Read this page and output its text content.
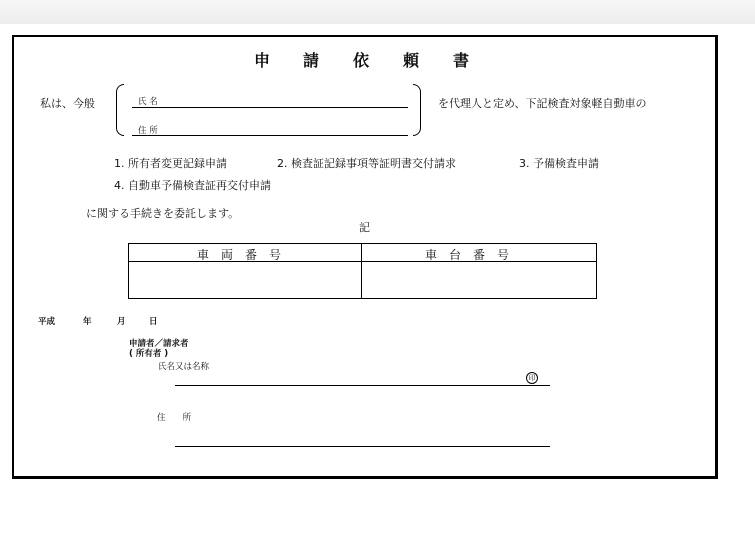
申 請 依 頼 書
私は、今般	氏 名
住 所
を代理人と定め、下記検査対象軽自動車の
1. 所有者変更記録申請	2. 検査証記録事項等証明書交付請求	3. 予備検査申請
4. 自動車予備検査証再交付申請
に関する手続きを委託します。
記
車　両　番　号	車　台　番　号
平成	年	月	日
申請者／請求者
( 所有者 )
氏名又は名称
印
住　　所
